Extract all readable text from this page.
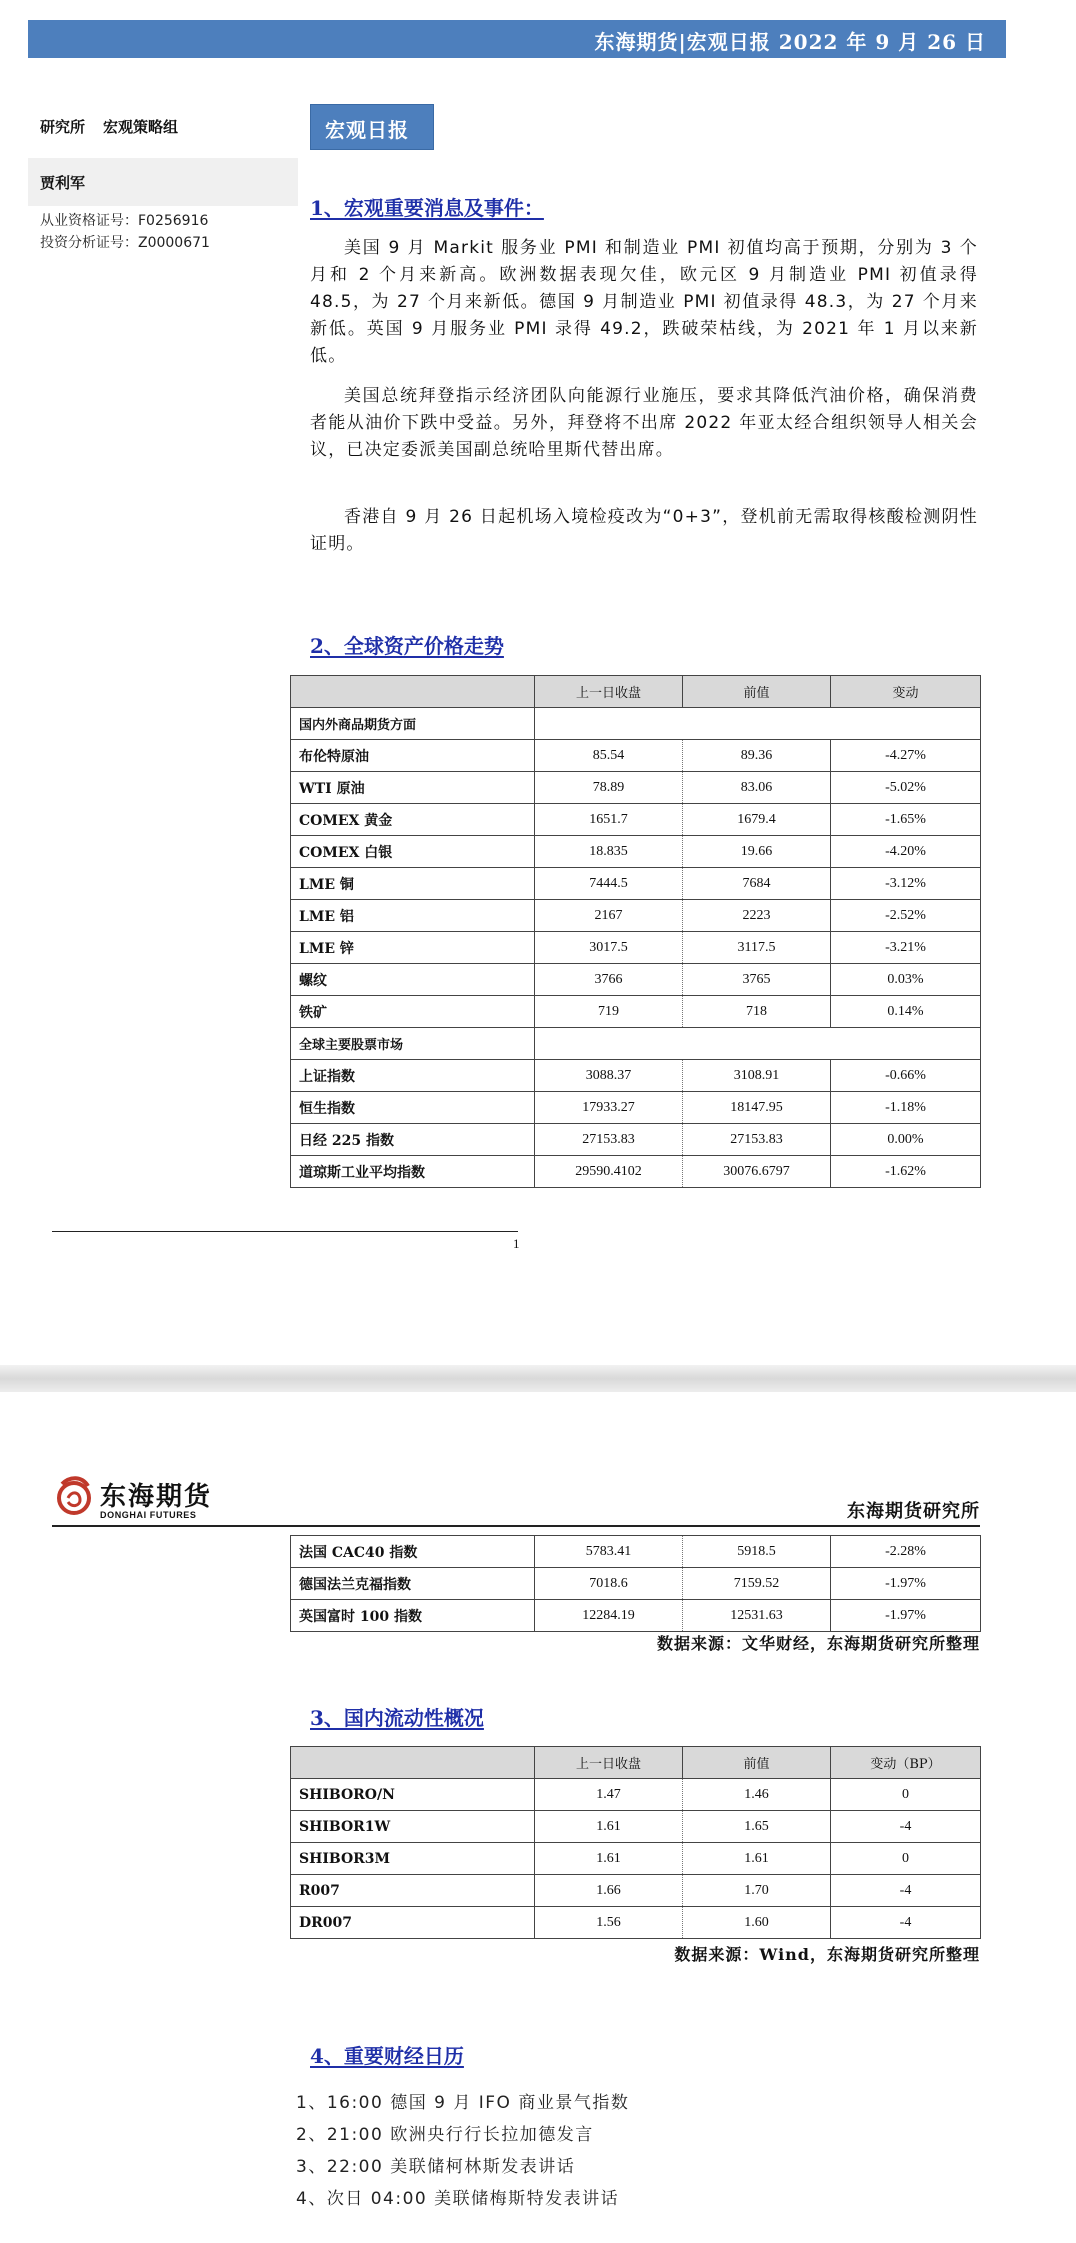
东海期货|宏观日报 2022 年 9 月 26 日
研究所 宏观策略组
贾利军
从业资格证号：F0256916
投资分析证号：Z0000671
宏观日报
1、宏观重要消息及事件：
美国 9 月 Markit 服务业 PMI 和制造业 PMI 初值均高于预期，分别为 3 个月和 2 个月来新高。欧洲数据表现欠佳，欧元区 9 月制造业 PMI 初值录得 48.5，为 27 个月来新低。德国 9 月制造业 PMI 初值录得 48.3，为 27 个月来新低。英国 9 月服务业 PMI 录得 49.2，跌破荣枯线，为 2021 年 1 月以来新低。
美国总统拜登指示经济团队向能源行业施压，要求其降低汽油价格，确保消费者能从油价下跌中受益。另外，拜登将不出席 2022 年亚太经合组织领导人相关会议，已决定委派美国副总统哈里斯代替出席。
香港自 9 月 26 日起机场入境检疫改为“0+3”，登机前无需取得核酸检测阴性证明。
2、全球资产价格走势
	上一日收盘	前值	变动
国内外商品期货方面			
布伦特原油	85.54	89.36	-4.27%
WTI 原油	78.89	83.06	-5.02%
COMEX 黄金	1651.7	1679.4	-1.65%
COMEX 白银	18.835	19.66	-4.20%
LME 铜	7444.5	7684	-3.12%
LME 铝	2167	2223	-2.52%
LME 锌	3017.5	3117.5	-3.21%
螺纹	3766	3765	0.03%
铁矿	719	718	0.14%
全球主要股票市场			
上证指数	3088.37	3108.91	-0.66%
恒生指数	17933.27	18147.95	-1.18%
日经 225 指数	27153.83	27153.83	0.00%
道琼斯工业平均指数	29590.4102	30076.6797	-1.62%
1
东海期货
DONGHAI FUTURES	东海期货研究所
法国 CAC40 指数	5783.41	5918.5	-2.28%
德国法兰克福指数	7018.6	7159.52	-1.97%
英国富时 100 指数	12284.19	12531.63	-1.97%
数据来源：文华财经，东海期货研究所整理
3、国内流动性概况
	上一日收盘	前值	变动（BP）
SHIBORO/N	1.47	1.46	0
SHIBOR1W	1.61	1.65	-4
SHIBOR3M	1.61	1.61	0
R007	1.66	1.70	-4
DR007	1.56	1.60	-4
数据来源：Wind，东海期货研究所整理
4、重要财经日历
1、16:00 德国 9 月 IFO 商业景气指数
2、21:00 欧洲央行行长拉加德发言
3、22:00 美联储柯林斯发表讲话
4、次日 04:00 美联储梅斯特发表讲话
